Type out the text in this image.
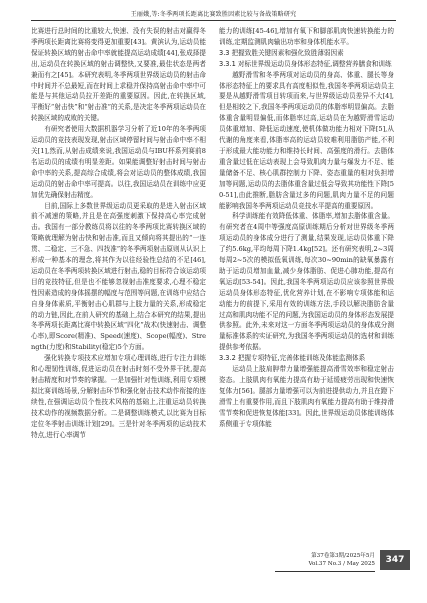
王丽娥,等:冬季两项长距离比赛致胜因素比较与备战策略研究

比赛进行总时间的比重较大,快速、没有失误的射击对赢得冬季两项长距离比赛将变得更加重要[43]。黄滨认为,运动员能保证转换区域的射击命中率就能提高运动成绩[44],张成择提出,运动员在转换区域的射击调整快,又要准,最佳状态是两者兼而有之[45]。本研究表明,冬季两项世界级运动员的射击命中时间并不总最短,而在时间上求稳并保持高射击命中率中可能是与其他运动员拉开差距的重要原因。因此,在转换区域,平衡好“射击快”和“射击准”的关系,是决定冬季两项运动员在转换区域的成败的关键。

有研究者使用大数据机器学习分析了近10年的冬季两项运动员的竞技表现发现,射击区域停留时间与射击命中率不相关[1],然而,从射击成绩来说,我国运动员与IBU杯系列赛前8名运动员的成绩有明显差距。如果能调整好射击时间与射击命中率的关系,提高综合成绩,将会对运动员的整体成绩,我国运动员的射击命中率可提高。以往,我国运动员在训练中应更加优先确保射击精度。

目前,国际上多数世界级运动员更采取的是进入射击区域前不减速的策略,并且是在高强度刺激下保持高心率完成射击。我国有一部分教练员将以往的冬季两项比赛转换区域的策略就理解为射击快和射击准,而且又倾向将其提出的“一连贯、二稳定、三不急、四找准”的冬季两项射击原则从认识上形成一种基本的理念,将其作为以往经验性总结的不足[46],运动员在冬季两项转换区域进行射击,稳的目标符合该运动项目的竞技特征,但是也不能够忽视射击准度要求,心理不稳定性因素造成的身体摇摆的幅度与范围等问题,在训练中应结合自身身体素质,平衡射击心肌群与上肢力量的关系,形成稳定的动力链,因此,在前人研究的基础上,结合本研究的结果,提出冬季两项长距离比赛中转换区域“四化”战术(快速射击、调整心率),即Score(精准)、Speed(速度)、Scope(幅度)、Strength(力度)和Stability(稳定)5个方面。

强化转换专项技术应增加专项心理训练,进行专注力训练和心理韧性训练,促进运动员在射击时刻不受外界干扰,提高射击精度和对节奏的掌握。一是加强针对性训练,利用专项模拟比赛训练场景,分解射击环节和强化射击技术动作衔接的连续性,在强调运动员个性技术风格的基础上,注重运动员转换技术动作的视频数据分析。二是调整训练模式,以比赛为目标定位冬季射击训练计划[29]。三是针对冬季两项的运动技术特点,进行心率调节

能力的训练[45-46],增加有氧下和脚部肌肉快速转换能力的训练,定期监测肌肉输出功率和身体机能水平。

3.3 把握致胜关键因素和强化致胜薄弱因素
3.3.1 对标世界级运动员身体形态特征,调整营养膳食和训练

越野滑雪和冬季两项对运动员的身高、体重、腿长等身体形态特征上的要求具有高度相似性,我国冬季两项运动员主要是从越野滑雪项目转项而来,与世界级运动员差异不大[4],但是相较之下,我国冬季两项运动员的体脂率明显偏高。去脂体重含量明显偏低,而体脂率过高,运动员在为越野滑雪运动员体重增加、降低运动速度,使机体做功能力相对下降[5],从代谢的角度来看,体脂率高的运动员较难利用脂肪产能,不利于形成最大能功能力和维持长时间、高强度的滑行。去脂体重含量过低在运动表现上会导致肌肉力量与爆发力不足、能量储备不足、核心肌群控制力下降、姿态重量的相对负担增加等问题,运动员的去脂体重含量过低会导致其功能性下降[50-51],由此推断,脂肪含量过多的问题,肌肉力量不足的问题能影响我国冬季两项运动员竞技水平提高的重要原因。

科学训练能有效降低体重、体脂率,增加去脂体重含量。有研究者在4周中等强度高原训练期后分析对世界级冬季两项运动员的身体成分进行了测量,结果发现,运动员体重下降了约5.6kg,平均每周下降1.4kg[52]。还有研究表明,2~3周每周2~5次的模拟低氧训练,每次30~90min的缺氧暴露有助于运动员增加血量,减少身体脂肪、促进心肺功能,提高有氧运动[53-54]。因此,我国冬季两项运动员应该参照世界级运动员身体形态特征,优化营养计划,在不影响专项体能和运动能力的前提下,采用有效的训练方法,手段以解决脂肪含量过高和肌肉功能不足的问题,为我国运动员的身体形态发展提供参照。此外,未来对这一方面冬季两项运动员的身体成分测量标准体系的实证研究,为我国冬季两项运动员的选材和训练提供参考依据。

3.3.2 把握专项特征,完善体能训练及体能监测体系

运动员上肢肩胛带力量增强能提高滑雪效率和稳定射击姿态。上肢肌肉有氧能力提高有助于延缓疲劳出现和快速恢复体力[56]。腿部力量增强可以为前进提供动力,并且在蹬下滑雪上有重要作用,而且下肢肌肉有氧能力提高有助于维持滑雪节奏和促进恢复体能[33]。因此,世界级运动员体能训练体系侧重于专项体能

第37卷第3期/2025年5月
Vol.37 No.3 / May 2025	347
